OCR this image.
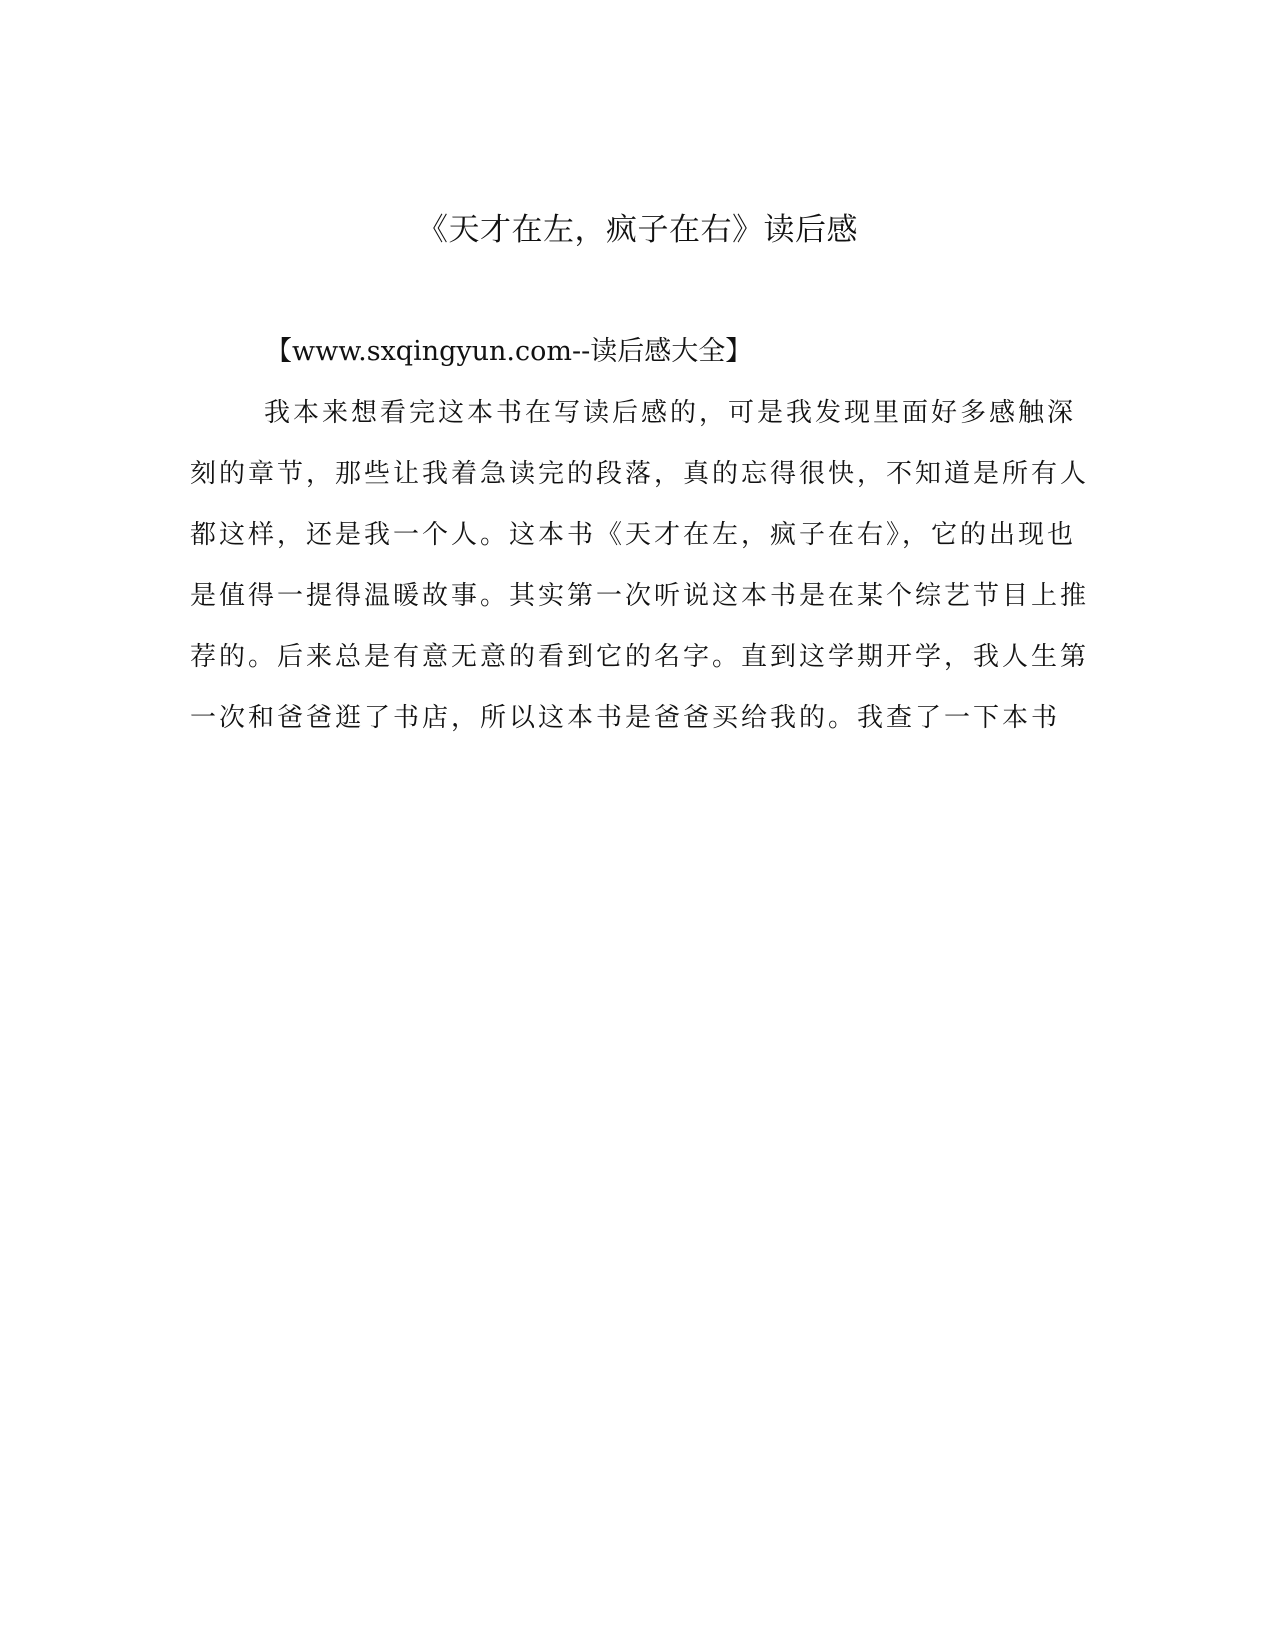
《天才在左，疯子在右》读后感
【www.sxqingyun.com--读后感大全】

我本来想看完这本书在写读后感的，可是我发现里面好多感触深刻的章节，那些让我着急读完的段落，真的忘得很快，不知道是所有人都这样，还是我一个人。这本书《天才在左，疯子在右》，它的出现也是值得一提得温暖故事。其实第一次听说这本书是在某个综艺节目上推荐的。后来总是有意无意的看到它的名字。直到这学期开学，我人生第一次和爸爸逛了书店，所以这本书是爸爸买给我的。我查了一下本书
